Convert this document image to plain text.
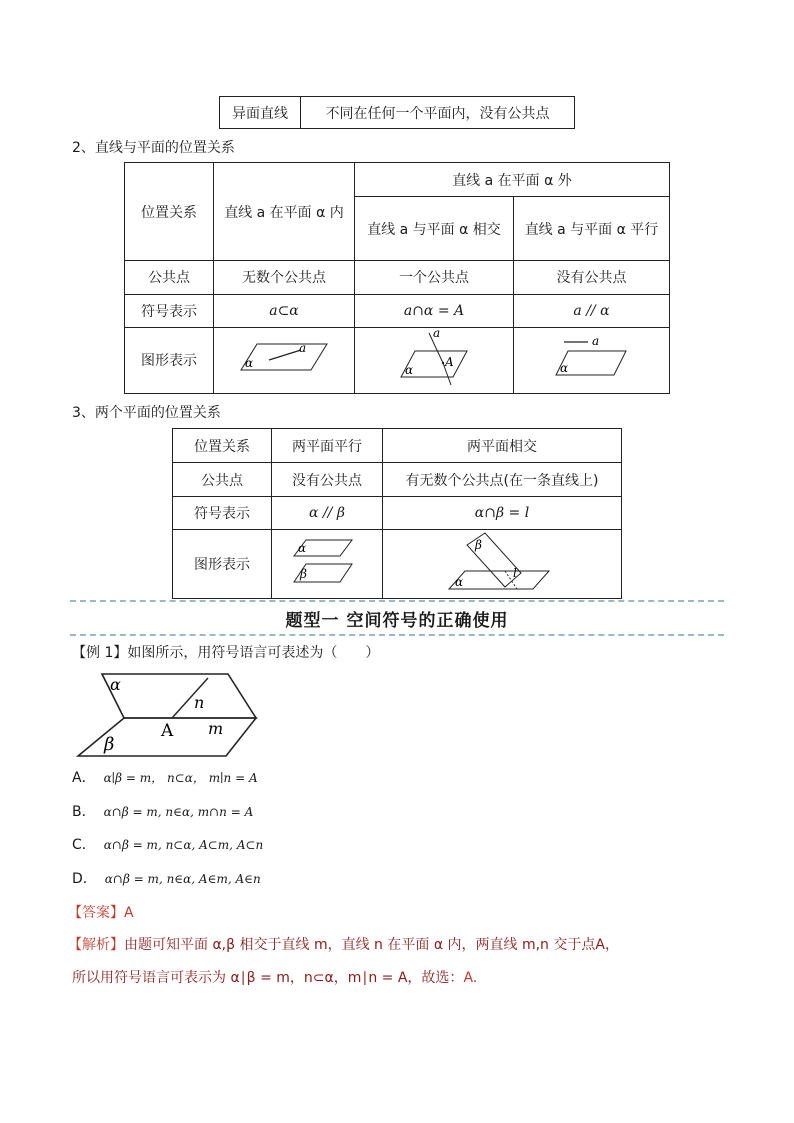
异面直线	不同在任何一个平面内，没有公共点
2、直线与平面的位置关系
位置关系	直线 a 在平面 α 内	直线 a 在平面 α 外	
		直线 a 与平面 α 相交	直线 a 与平面 α 平行
公共点	无数个公共点	一个公共点	没有公共点
符号表示	a⊂α	a∩α = A	a // α
图形表示	α
a	a
A
α	a
α
3、两个平面的位置关系
位置关系	两平面平行	两平面相交
公共点	没有公共点	有无数个公共点(在一条直线上)
符号表示	α // β	α∩β = l
图形表示	α
β	β
α
l
题型一 空间符号的正确使用
【例 1】如图所示，用符号语言可表述为（　　）
α
β
n
A m
A． α∣β = m， n⊂α， m∣n = A
B． α∩β = m, n∈α, m∩n = A
C． α∩β = m, n⊂α, A⊂m, A⊂n
D． α∩β = m, n∈α, A∈m, A∈n
【答案】A
【解析】由题可知平面 α,β 相交于直线 m，直线 n 在平面 α 内，两直线 m,n 交于点A，
所以用符号语言可表示为 α∣β = m，n⊂α，m∣n = A，故选：A.
